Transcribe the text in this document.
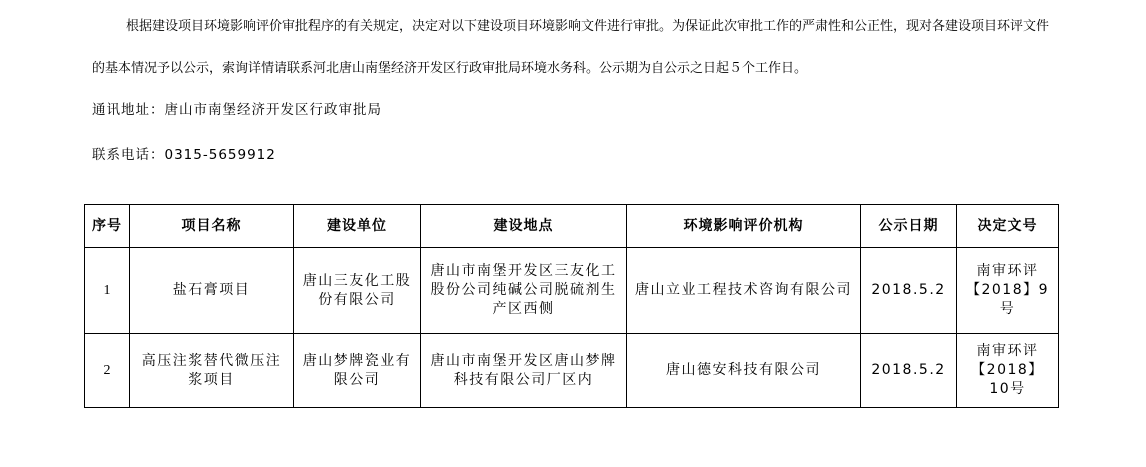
根据建设项目环境影响评价审批程序的有关规定，决定对以下建设项目环境影响文件进行审批。为保证此次审批工作的严肃性和公正性，现对各建设项目环评文件的基本情况予以公示，索询详情请联系河北唐山南堡经济开发区行政审批局环境水务科。公示期为自公示之日起５个工作日。

通讯地址：唐山市南堡经济开发区行政审批局

联系电话：0315-5659912

序号	项目名称	建设单位	建设地点	环境影响评价机构	公示日期	决定文号
1	盐石膏项目	唐山三友化工股份有限公司	唐山市南堡开发区三友化工股份公司纯碱公司脱硫剂生产区西侧	唐山立业工程技术咨询有限公司	2018.5.2	南审环评【2018】9号
2	高压注浆替代微压注浆项目	唐山梦牌瓷业有限公司	唐山市南堡开发区唐山梦牌科技有限公司厂区内	唐山德安科技有限公司	2018.5.2	南审环评【2018】10号
